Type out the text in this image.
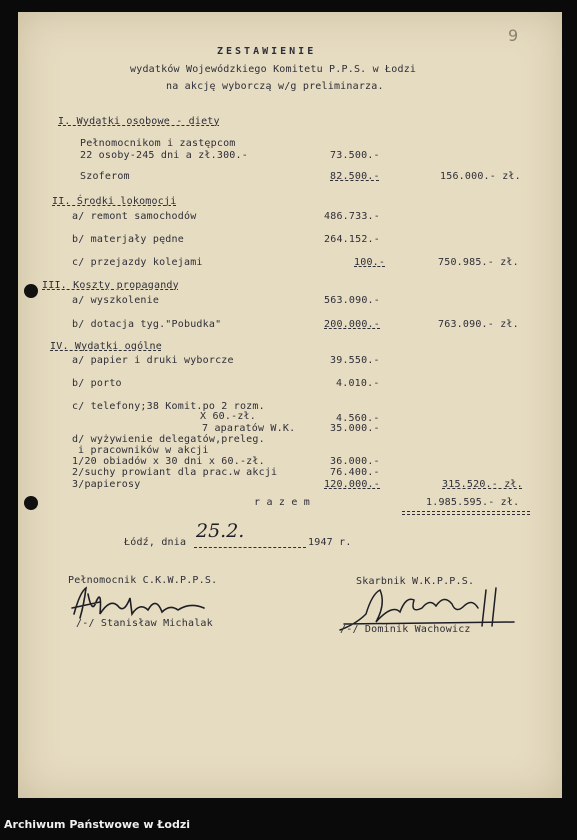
9
ZESTAWIENIE
wydatków Wojewódzkiego Komitetu P.P.S. w Łodzi
na akcję wyborczą w/g preliminarza.
I. Wydatki osobowe - diety
Pełnomocnikom i zastępcom
22 osoby-245 dni a zł.300.-	73.500.-
Szoferom	82.500.-	156.000.- zł.
II. Środki lokomocji
a/ remont samochodów	486.733.-
b/ materjały pędne	264.152.-
c/ przejazdy kolejami	100.-	750.985.- zł.
III. Koszty propagandy
a/ wyszkolenie	563.090.-
b/ dotacja tyg."Pobudka"	200.000.-	763.090.- zł.
IV. Wydatki ogólne
a/ papier i druki wyborcze	39.550.-
b/ porto	4.010.-
c/ telefony;38 Komit.po 2 rozm.
X 60.-zł.	4.560.-
7 aparatów W.K.	35.000.-
d/ wyżywienie delegatów,preleg.
i pracowników w akcji
1/20 obiadów x 30 dni x 60.-zł.	36.000.-
2/suchy prowiant dla prac.w akcji	76.400.-
3/papierosy	120.000.-	315.520.- zł.
r a z e m	1.985.595.- zł.
Łódź, dnia
25.2.
1947 r.
Pełnomocnik C.K.W.P.P.S.
/-/ Stanisław Michalak
Skarbnik W.K.P.P.S.
/-/ Dominik Wachowicz
Archiwum Państwowe w Łodzi
